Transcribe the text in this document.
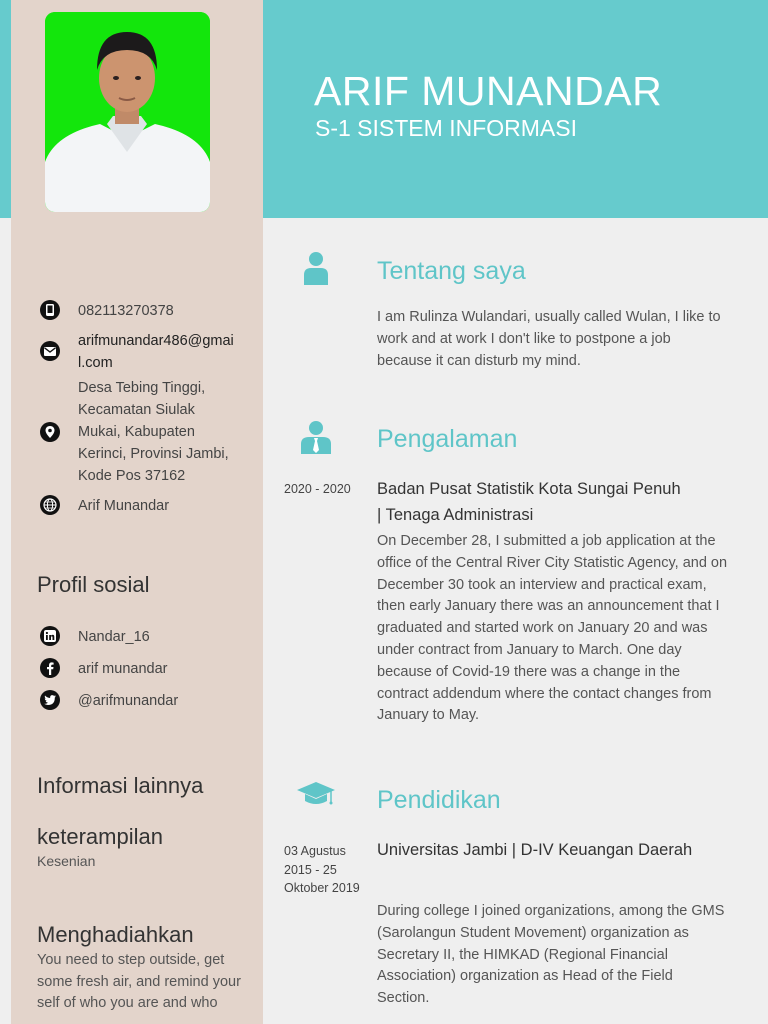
ARIF MUNANDAR
S-1 SISTEM INFORMASI
082113270378
arifmunandar486@gmai
l.com
Desa Tebing Tinggi,
Kecamatan Siulak
Mukai, Kabupaten
Kerinci, Provinsi Jambi,
Kode Pos 37162
Arif Munandar
Profil sosial
Nandar_16
arif munandar
@arifmunandar
Informasi lainnya
keterampilan
Kesenian
Menghadiahkan
You need to step outside, get
some fresh air, and remind your
self of who you are and who
Tentang saya
I am Rulinza Wulandari, usually called Wulan, I like to
work and at work I don't like to postpone a job
because it can disturb my mind.
Pengalaman
2020 - 2020 Badan Pusat Statistik Kota Sungai Penuh
| Tenaga Administrasi
On December 28, I submitted a job application at the
office of the Central River City Statistic Agency, and on
December 30 took an interview and practical exam,
then early January there was an announcement that I
graduated and started work on January 20 and was
under contract from January to March. One day
because of Covid-19 there was a change in the
contract addendum where the contact changes from
January to May.
Pendidikan
03 Agustus
2015 - 25
Oktober 2019
Universitas Jambi | D-IV Keuangan Daerah
During college I joined organizations, among the GMS
(Sarolangun Student Movement) organization as
Secretary II, the HIMKAD (Regional Financial
Association) organization as Head of the Field
Section.
